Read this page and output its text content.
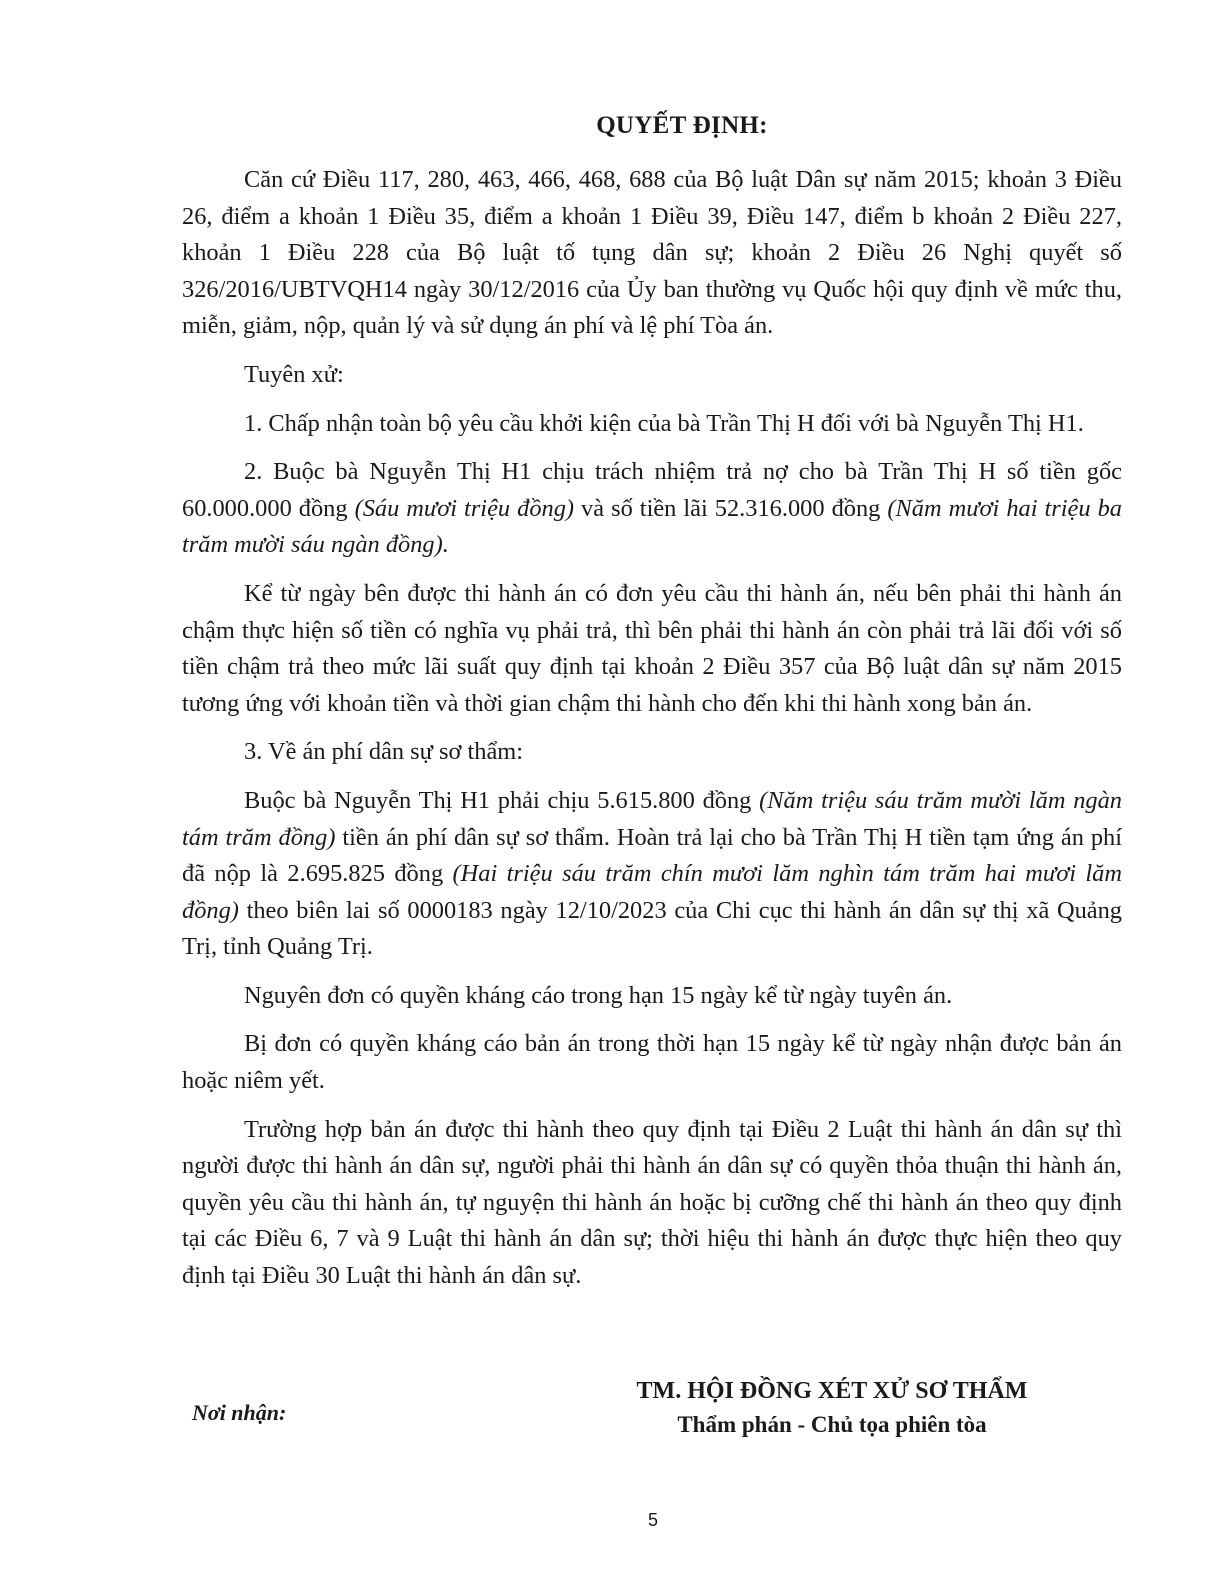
QUYẾT ĐỊNH:

Căn cứ Điều 117, 280, 463, 466, 468, 688 của Bộ luật Dân sự năm 2015; khoản 3 Điều 26, điểm a khoản 1 Điều 35, điểm a khoản 1 Điều 39, Điều 147, điểm b khoản 2 Điều 227, khoản 1 Điều 228 của Bộ luật tố tụng dân sự; khoản 2 Điều 26 Nghị quyết số 326/2016/UBTVQH14 ngày 30/12/2016 của Ủy ban thường vụ Quốc hội quy định về mức thu, miễn, giảm, nộp, quản lý và sử dụng án phí và lệ phí Tòa án.

Tuyên xử:

1. Chấp nhận toàn bộ yêu cầu khởi kiện của bà Trần Thị H đối với bà Nguyễn Thị H1.

2. Buộc bà Nguyễn Thị H1 chịu trách nhiệm trả nợ cho bà Trần Thị H số tiền gốc 60.000.000 đồng (Sáu mươi triệu đồng) và số tiền lãi 52.316.000 đồng (Năm mươi hai triệu ba trăm mười sáu ngàn đồng).

Kể từ ngày bên được thi hành án có đơn yêu cầu thi hành án, nếu bên phải thi hành án chậm thực hiện số tiền có nghĩa vụ phải trả, thì bên phải thi hành án còn phải trả lãi đối với số tiền chậm trả theo mức lãi suất quy định tại khoản 2 Điều 357 của Bộ luật dân sự năm 2015 tương ứng với khoản tiền và thời gian chậm thi hành cho đến khi thi hành xong bản án.

3. Về án phí dân sự sơ thẩm:

Buộc bà Nguyễn Thị H1 phải chịu 5.615.800 đồng (Năm triệu sáu trăm mười lăm ngàn tám trăm đồng) tiền án phí dân sự sơ thẩm. Hoàn trả lại cho bà Trần Thị H tiền tạm ứng án phí đã nộp là 2.695.825 đồng (Hai triệu sáu trăm chín mươi lăm nghìn tám trăm hai mươi lăm đồng) theo biên lai số 0000183 ngày 12/10/2023 của Chi cục thi hành án dân sự thị xã Quảng Trị, tỉnh Quảng Trị.

Nguyên đơn có quyền kháng cáo trong hạn 15 ngày kể từ ngày tuyên án.

Bị đơn có quyền kháng cáo bản án trong thời hạn 15 ngày kể từ ngày nhận được bản án hoặc niêm yết.

Trường hợp bản án được thi hành theo quy định tại Điều 2 Luật thi hành án dân sự thì người được thi hành án dân sự, người phải thi hành án dân sự có quyền thỏa thuận thi hành án, quyền yêu cầu thi hành án, tự nguyện thi hành án hoặc bị cưỡng chế thi hành án theo quy định tại các Điều 6, 7 và 9 Luật thi hành án dân sự; thời hiệu thi hành án được thực hiện theo quy định tại Điều 30 Luật thi hành án dân sự.

Nơi nhận:
TM. HỘI ĐỒNG XÉT XỬ SƠ THẨM
Thẩm phán - Chủ tọa phiên tòa
5
